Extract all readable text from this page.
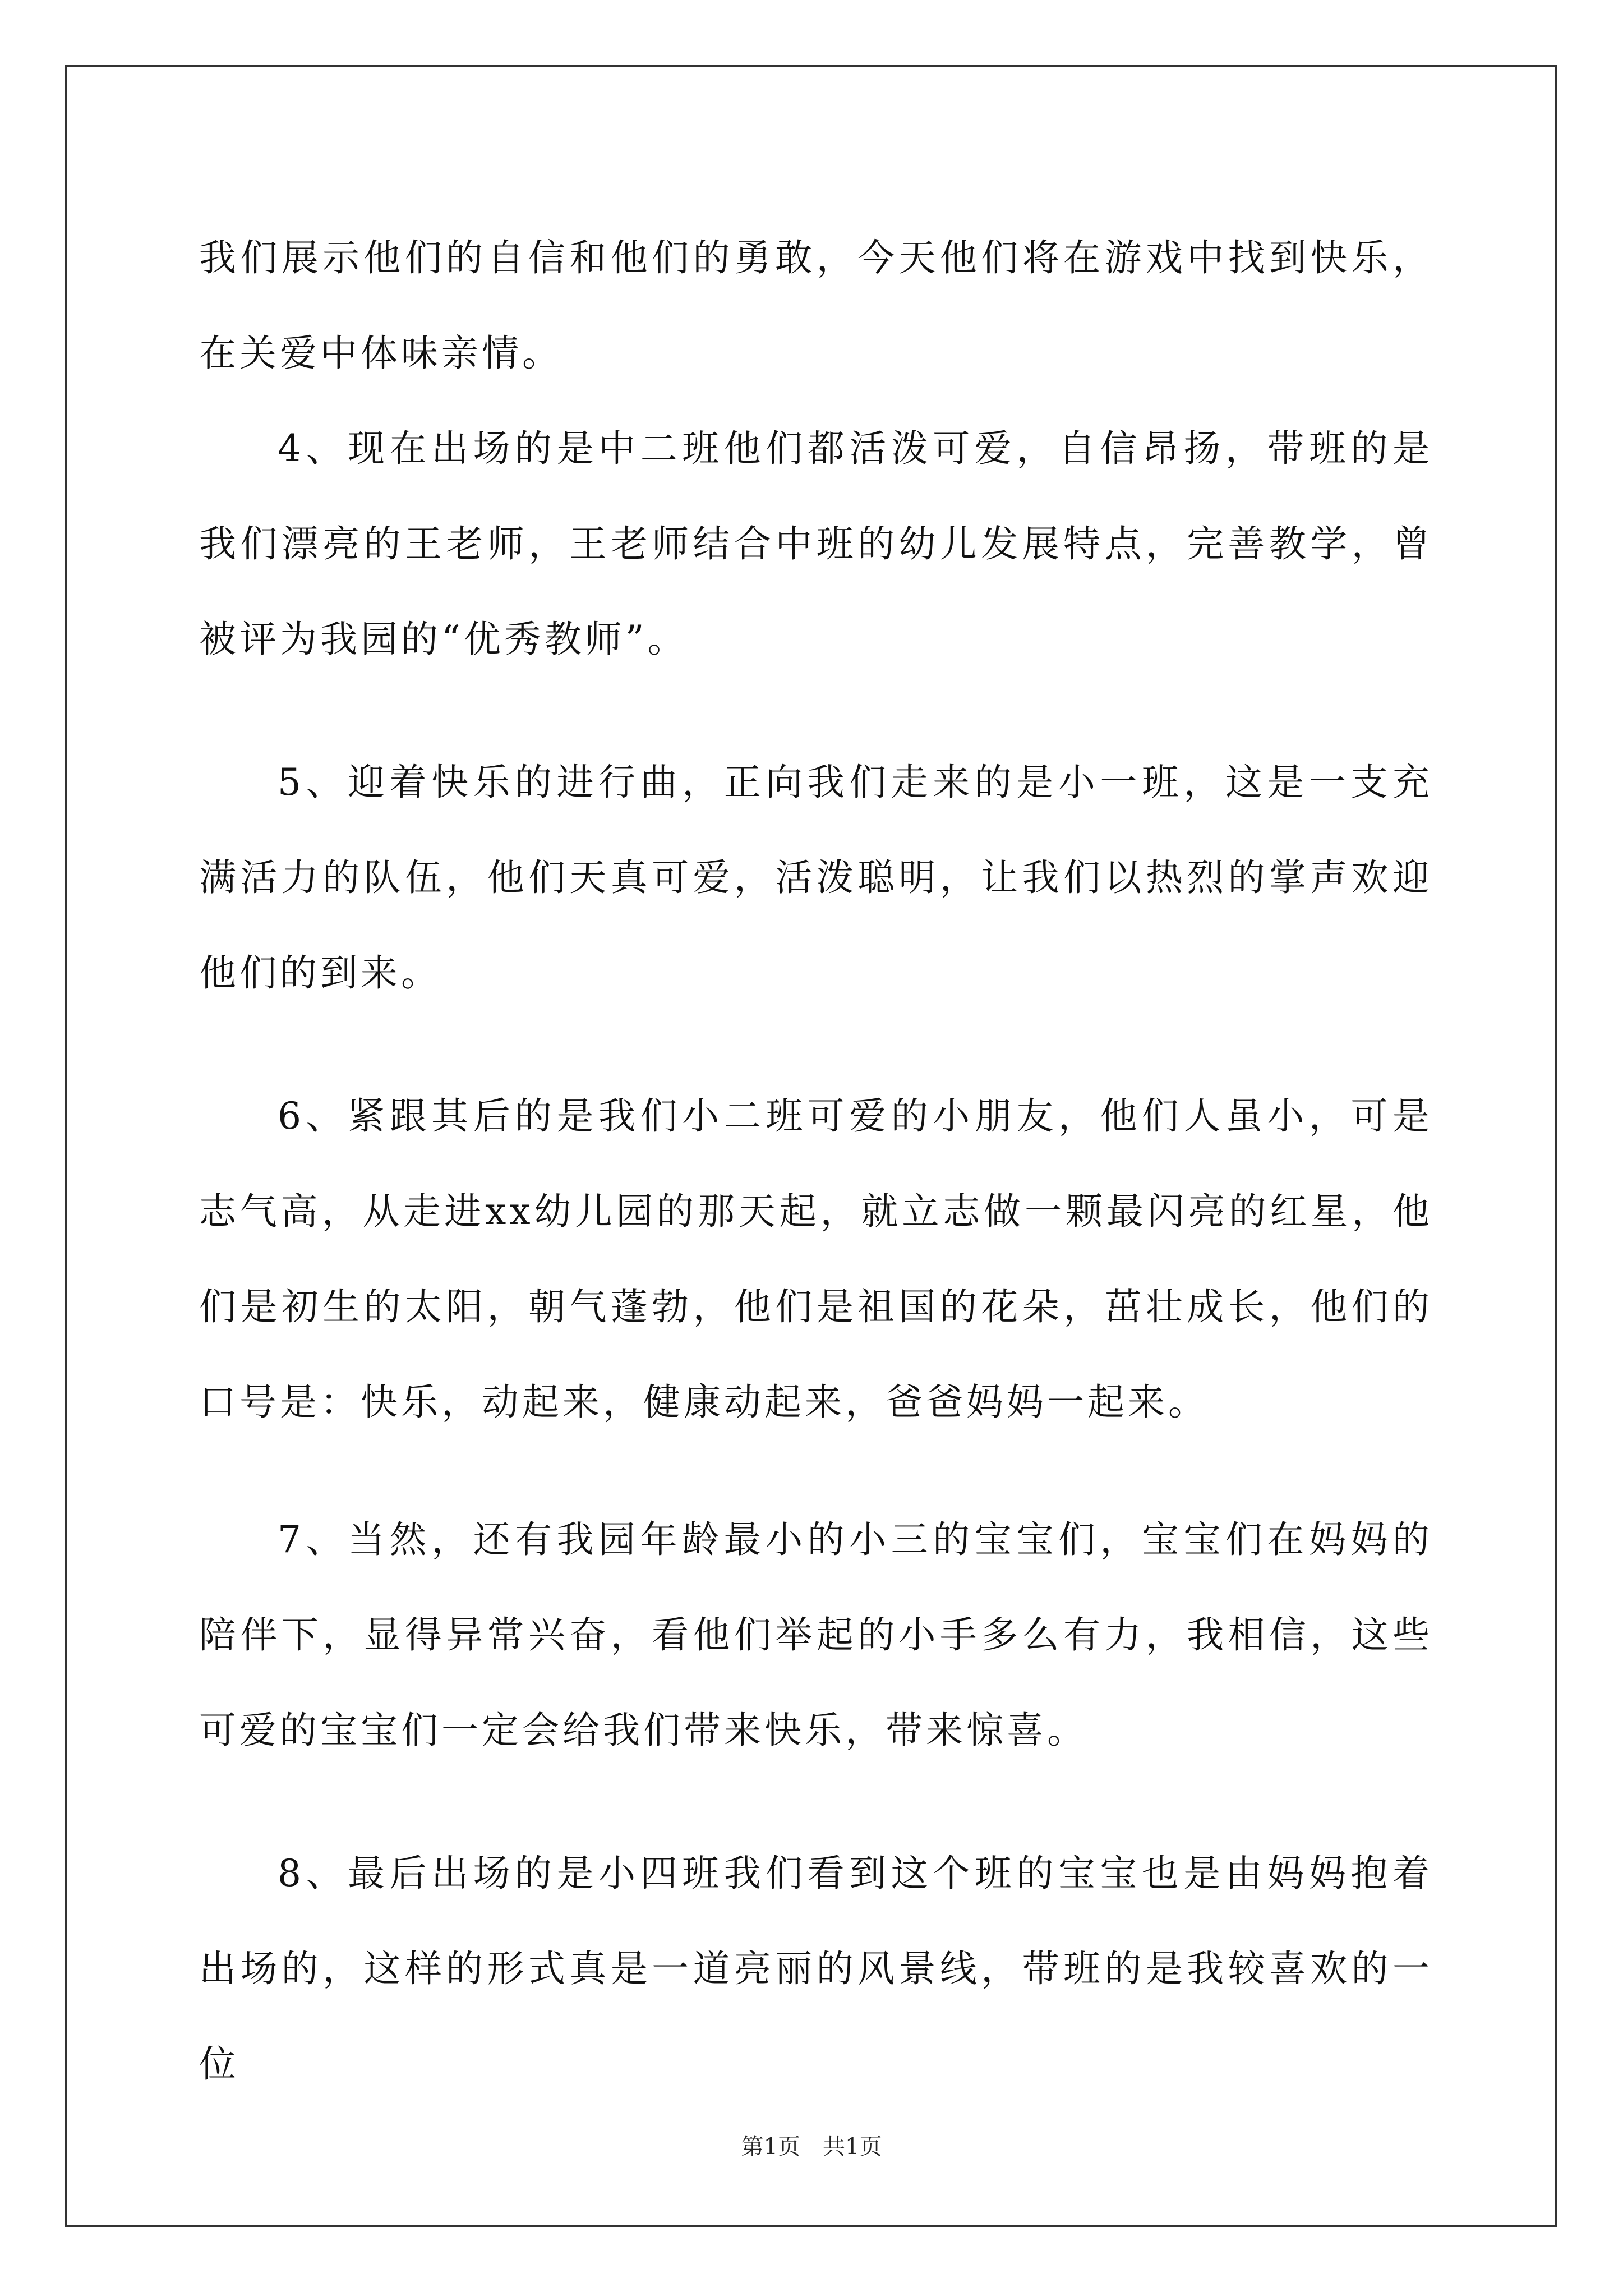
我们展示他们的自信和他们的勇敢，今天他们将在游戏中找到快乐，在关爱中体味亲情。

4、现在出场的是中二班他们都活泼可爱，自信昂扬，带班的是我们漂亮的王老师，王老师结合中班的幼儿发展特点，完善教学，曾被评为我园的“优秀教师”。

5、迎着快乐的进行曲，正向我们走来的是小一班，这是一支充满活力的队伍，他们天真可爱，活泼聪明，让我们以热烈的掌声欢迎他们的到来。

6、紧跟其后的是我们小二班可爱的小朋友，他们人虽小，可是志气高，从走进xx幼儿园的那天起，就立志做一颗最闪亮的红星，他们是初生的太阳，朝气蓬勃，他们是祖国的花朵，茁壮成长，他们的口号是：快乐，动起来，健康动起来，爸爸妈妈一起来。

7、当然，还有我园年龄最小的小三的宝宝们，宝宝们在妈妈的陪伴下，显得异常兴奋，看他们举起的小手多么有力，我相信，这些可爱的宝宝们一定会给我们带来快乐，带来惊喜。

8、最后出场的是小四班我们看到这个班的宝宝也是由妈妈抱着出场的，这样的形式真是一道亮丽的风景线，带班的是我较喜欢的一位

第1页　共1页
